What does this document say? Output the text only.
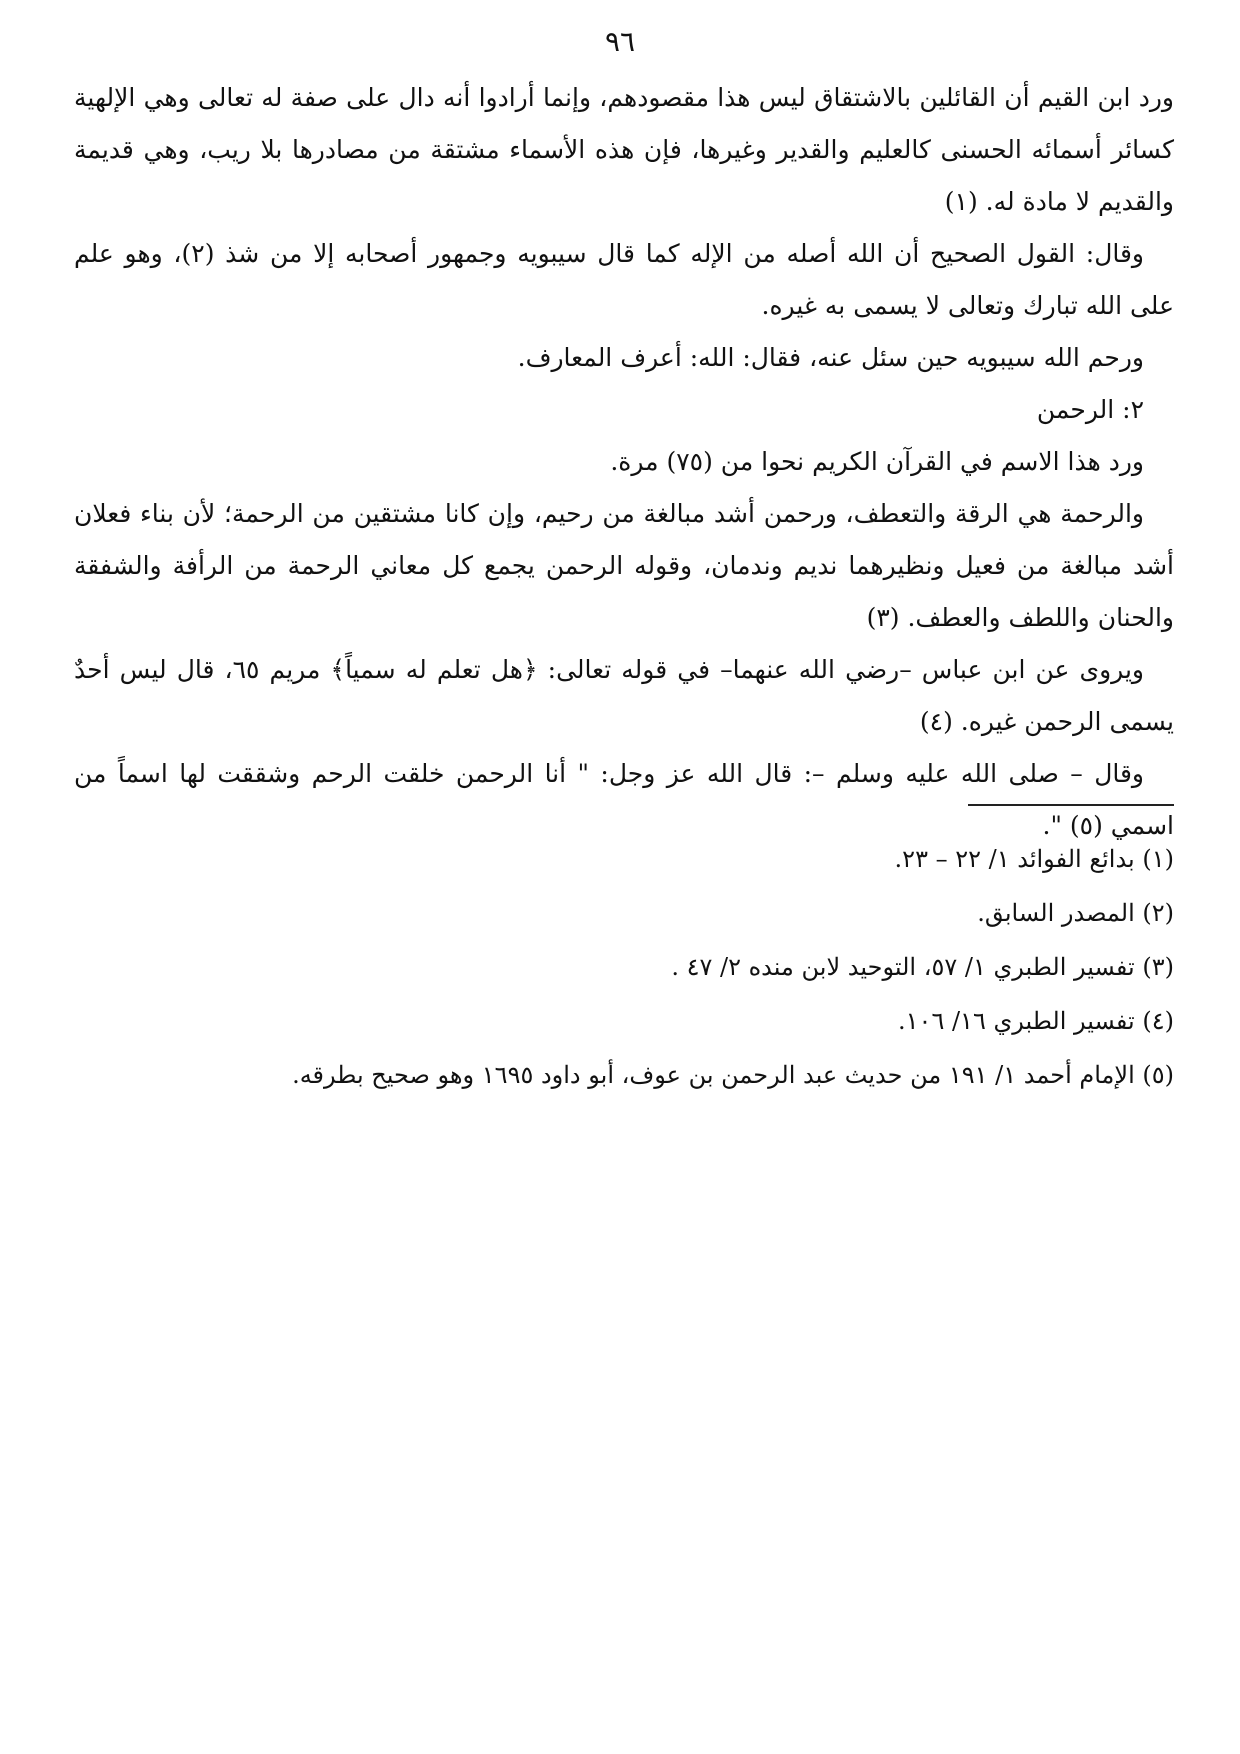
٩٦

ورد ابن القيم أن القائلين بالاشتقاق ليس هذا مقصودهم، وإنما أرادوا أنه دال على صفة له تعالى وهي الإلهية كسائر أسمائه الحسنى كالعليم والقدير وغيرها، فإن هذه الأسماء مشتقة من مصادرها بلا ريب، وهي قديمة والقديم لا مادة له. (١)

وقال: القول الصحيح أن الله أصله من الإله كما قال سيبويه وجمهور أصحابه إلا من شذ (٢)، وهو علم على الله تبارك وتعالى لا يسمى به غيره.

ورحم الله سيبويه حين سئل عنه، فقال: الله: أعرف المعارف.

٢: الرحمن

ورد هذا الاسم في القرآن الكريم نحوا من (٧٥) مرة.

والرحمة هي الرقة والتعطف، ورحمن أشد مبالغة من رحيم، وإن كانا مشتقين من الرحمة؛ لأن بناء فعلان أشد مبالغة من فعيل ونظيرهما نديم وندمان، وقوله الرحمن يجمع كل معاني الرحمة من الرأفة والشفقة والحنان واللطف والعطف. (٣)

ويروى عن ابن عباس –رضي الله عنهما– في قوله تعالى: ﴿هل تعلم له سمياً﴾ مريم ٦٥، قال ليس أحدٌ يسمى الرحمن غيره. (٤)

وقال – صلى الله عليه وسلم –: قال الله عز وجل: " أنا الرحمن خلقت الرحم وشققت لها اسماً من اسمي (٥) ".

(١) بدائع الفوائد ١/ ٢٢ – ٢٣.

(٢) المصدر السابق.

(٣) تفسير الطبري ١/ ٥٧، التوحيد لابن منده ٢/ ٤٧ .

(٤) تفسير الطبري ١٦/ ١٠٦.

(٥) الإمام أحمد ١/ ١٩١ من حديث عبد الرحمن بن عوف، أبو داود ١٦٩٥ وهو صحيح بطرقه.
